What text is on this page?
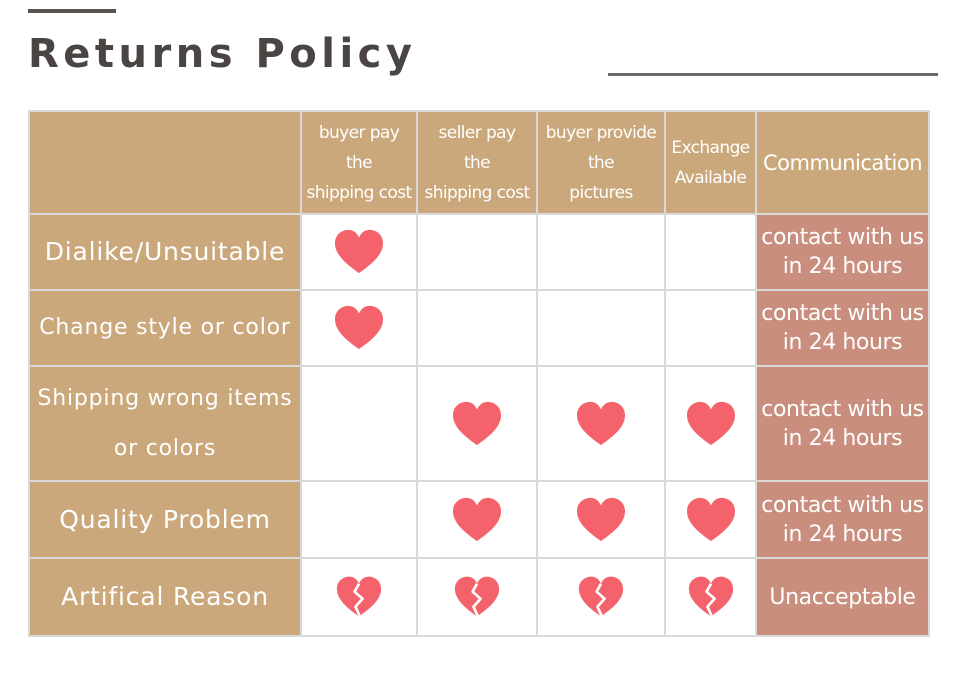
Returns Policy
	buyer pay
the
shipping cost	seller pay
the
shipping cost	buyer provide
the
pictures	Exchange
Available	Communication
Dialike/Unsuitable					contact with us
in 24 hours
Change style or color					contact with us
in 24 hours
Shipping wrong items
or colors					contact with us
in 24 hours
Quality Problem					contact with us
in 24 hours
Artifical Reason					Unacceptable
